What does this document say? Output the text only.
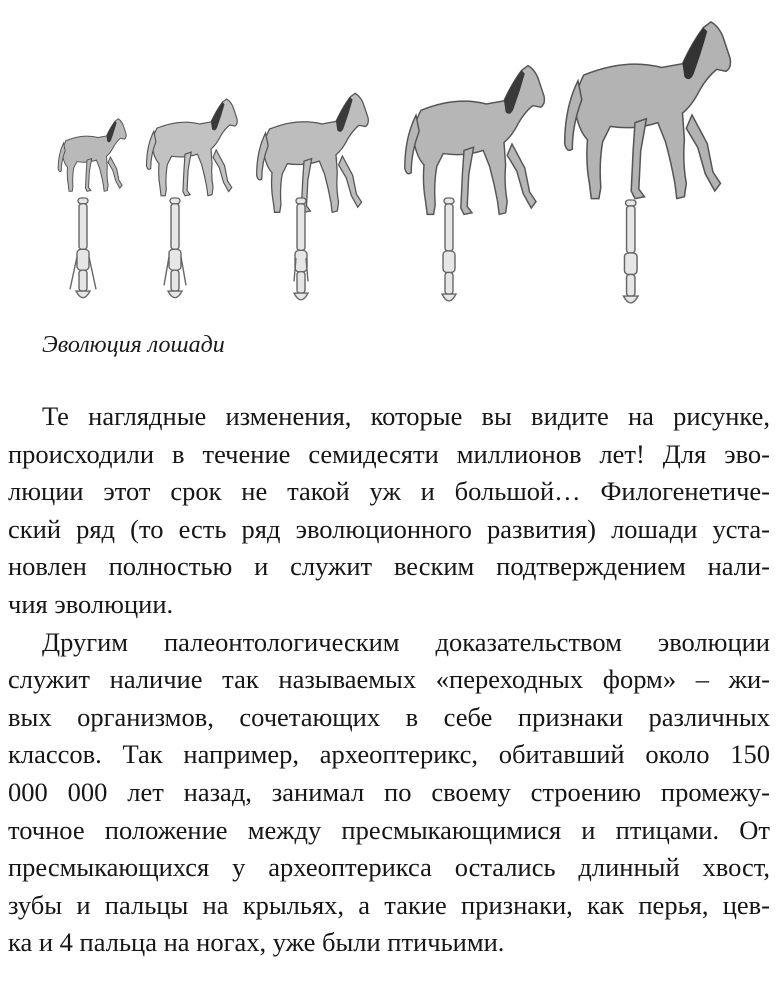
Эволюция лошади

Те наглядные изменения, которые вы видите на рисунке,
происходили в течение семидесяти миллионов лет! Для эво-
люции этот срок не такой уж и большой… Филогенетиче-
ский ряд (то есть ряд эволюционного развития) лошади уста-
новлен полностью и служит веским подтверждением нали-
чия эволюции.

Другим палеонтологическим доказательством эволюции
служит наличие так называемых «переходных форм» – жи-
вых организмов, сочетающих в себе признаки различных
классов. Так например, археоптерикс, обитавший около 150
000 000 лет назад, занимал по своему строению промежу-
точное положение между пресмыкающимися и птицами. От
пресмыкающихся у археоптерикса остались длинный хвост,
зубы и пальцы на крыльях, а такие признаки, как перья, цев-
ка и 4 пальца на ногах, уже были птичьими.
